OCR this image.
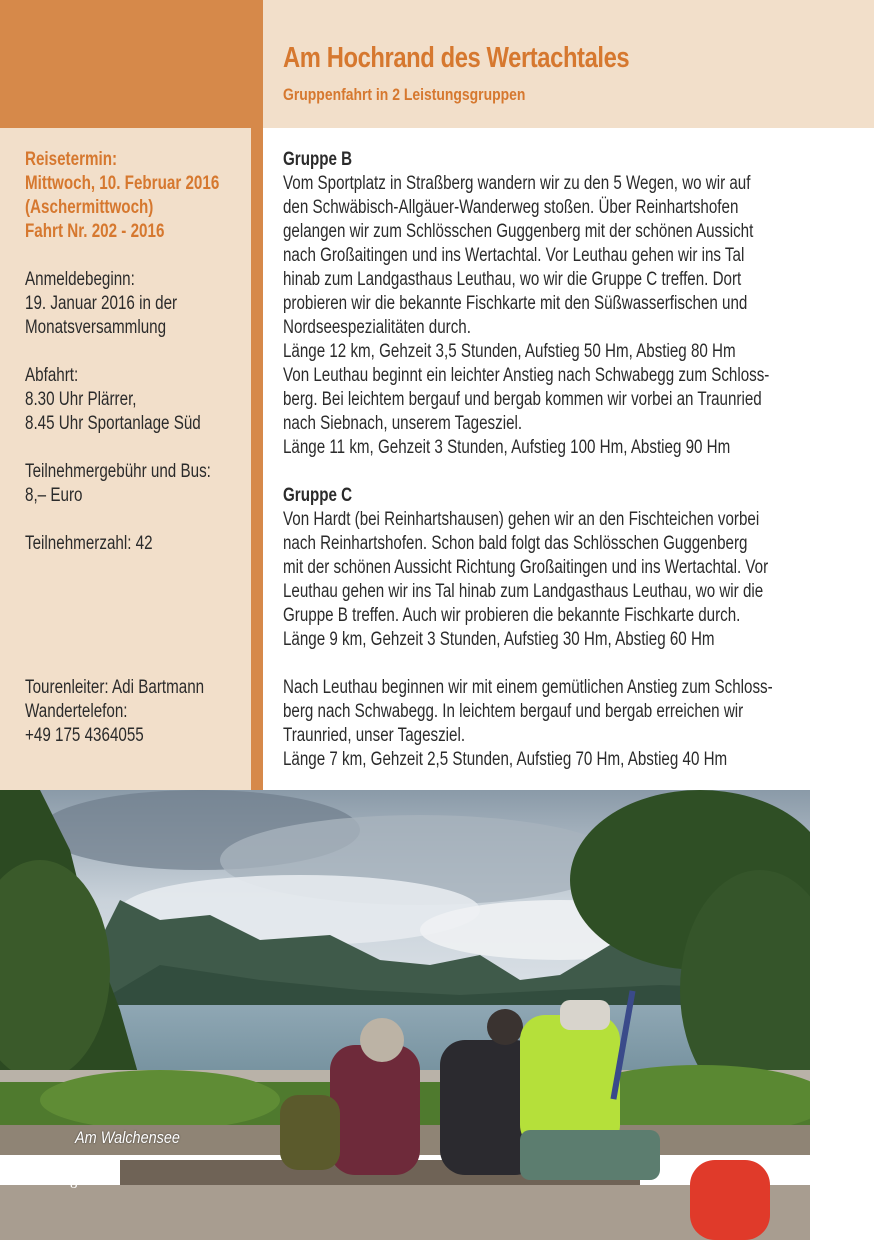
Am Hochrand des Wertachtales
Gruppenfahrt in 2 Leistungsgruppen
Reisetermin:
Mittwoch, 10. Februar 2016
(Aschermittwoch)
Fahrt Nr. 202 - 2016
Anmeldebeginn:
19. Januar 2016 in der
Monatsversammlung
Abfahrt:
8.30 Uhr Plärrer,
8.45 Uhr Sportanlage Süd
Teilnehmergebühr und Bus:
8,– Euro
Teilnehmerzahl: 42
Tourenleiter: Adi Bartmann
Wandertelefon:
+49 175 4364055
Gruppe B
Vom Sportplatz in Straßberg wandern wir zu den 5 Wegen, wo wir auf
den Schwäbisch-Allgäuer-Wanderweg stoßen. Über Reinhartshofen
gelangen wir zum Schlösschen Guggenberg mit der schönen Aussicht
nach Großaitingen und ins Wertachtal. Vor Leuthau gehen wir ins Tal
hinab zum Landgasthaus Leuthau, wo wir die Gruppe C treffen. Dort
probieren wir die bekannte Fischkarte mit den Süßwasserfischen und
Nordseespezialitäten durch.
Länge 12 km, Gehzeit 3,5 Stunden, Aufstieg 50 Hm, Abstieg 80 Hm
Von Leuthau beginnt ein leichter Anstieg nach Schwabegg zum Schloss-
berg. Bei leichtem bergauf und bergab kommen wir vorbei an Traunried
nach Siebnach, unserem Tagesziel.
Länge 11 km, Gehzeit 3 Stunden, Aufstieg 100 Hm, Abstieg 90 Hm
Gruppe C
Von Hardt (bei Reinhartshausen) gehen wir an den Fischteichen vorbei
nach Reinhartshofen. Schon bald folgt das Schlösschen Guggenberg
mit der schönen Aussicht Richtung Großaitingen und ins Wertachtal. Vor
Leuthau gehen wir ins Tal hinab zum Landgasthaus Leuthau, wo wir die
Gruppe B treffen. Auch wir probieren die bekannte Fischkarte durch.
Länge 9 km, Gehzeit 3 Stunden, Aufstieg 30 Hm, Abstieg 60 Hm
Nach Leuthau beginnen wir mit einem gemütlichen Anstieg zum Schloss-
berg nach Schwabegg. In leichtem bergauf und bergab erreichen wir
Traunried, unser Tagesziel.
Länge 7 km, Gehzeit 2,5 Stunden, Aufstieg 70 Hm, Abstieg 40 Hm
Am Walchensee
8
